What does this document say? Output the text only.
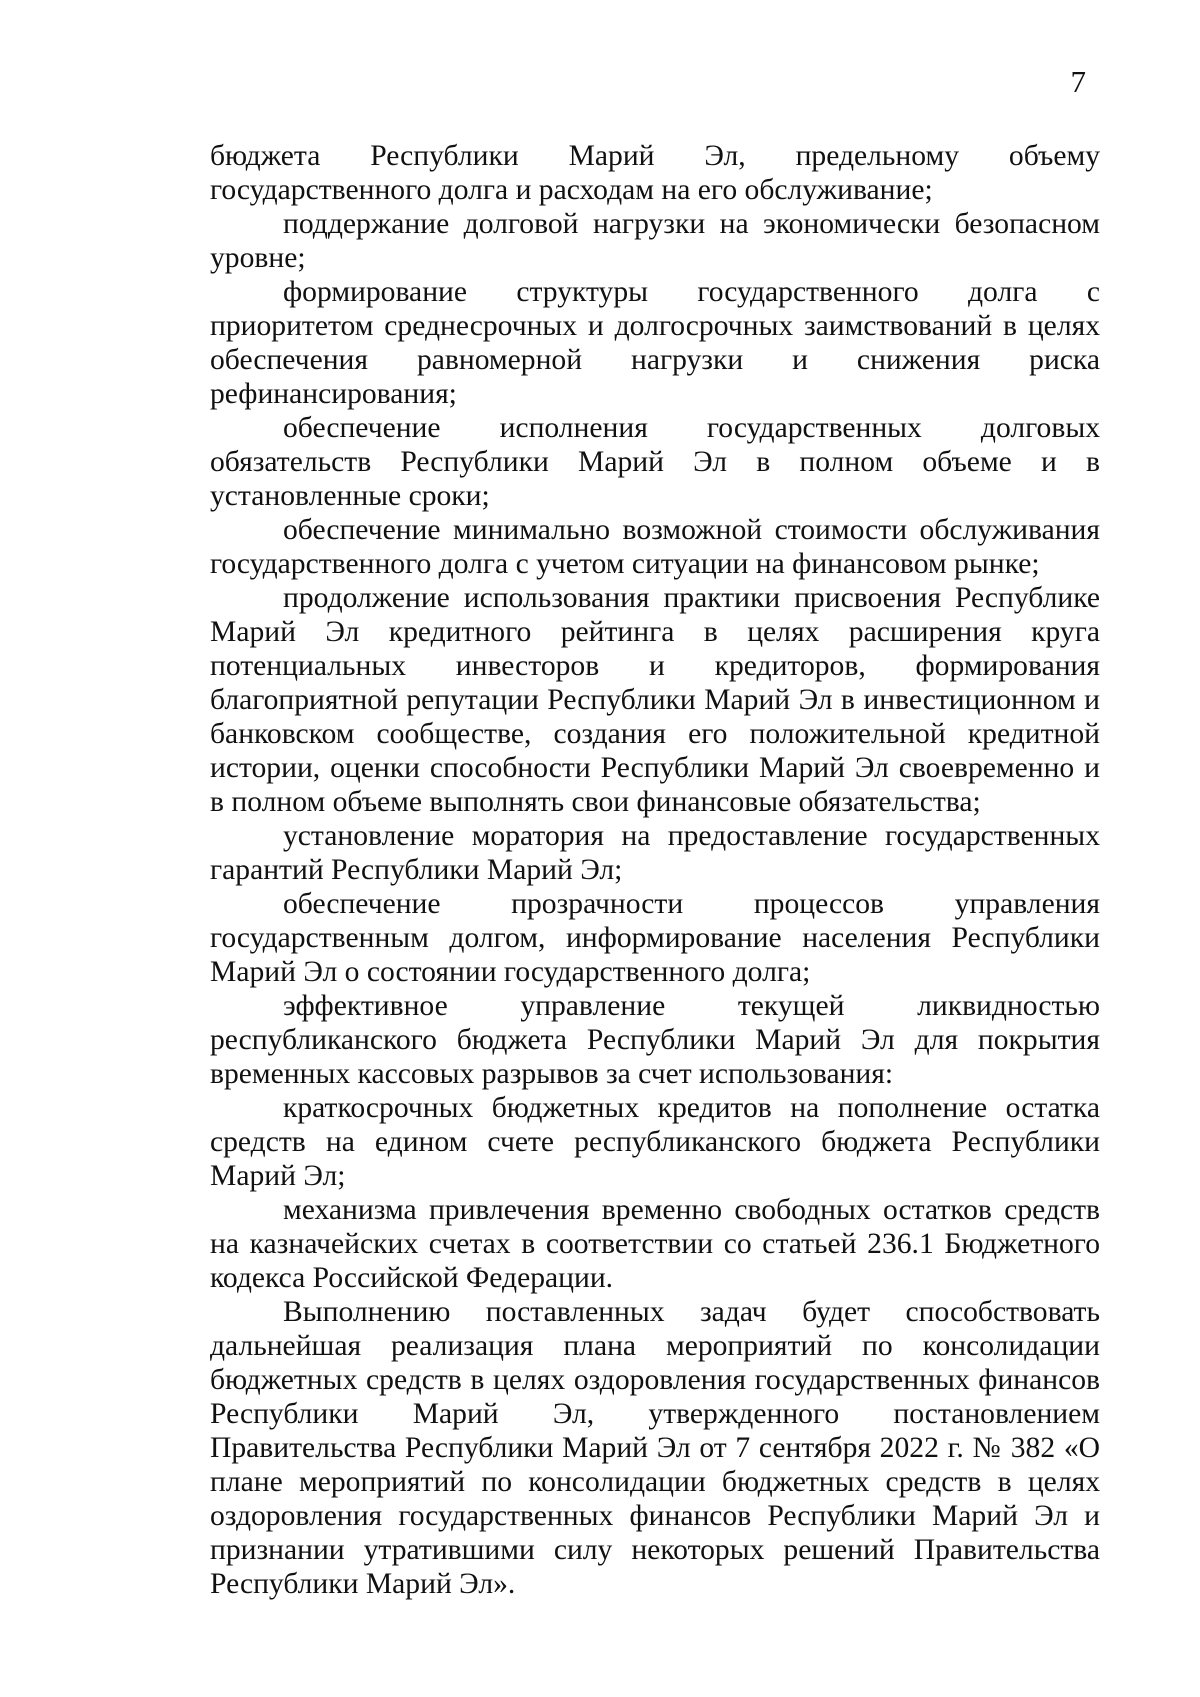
7

бюджета Республики Марий Эл, предельному объему государственного долга и расходам на его обслуживание;

поддержание долговой нагрузки на экономически безопасном уровне;

формирование структуры государственного долга с приоритетом среднесрочных и долгосрочных заимствований в целях обеспечения равномерной нагрузки и снижения риска рефинансирования;

обеспечение исполнения государственных долговых обязательств Республики Марий Эл в полном объеме и в установленные сроки;

обеспечение минимально возможной стоимости обслуживания государственного долга с учетом ситуации на финансовом рынке;

продолжение использования практики присвоения Республике Марий Эл кредитного рейтинга в целях расширения круга потенциальных инвесторов и кредиторов, формирования благоприятной репутации Республики Марий Эл в инвестиционном и банковском сообществе, создания его положительной кредитной истории, оценки способности Республики Марий Эл своевременно и в полном объеме выполнять свои финансовые обязательства;

установление моратория на предоставление государственных гарантий Республики Марий Эл;

обеспечение прозрачности процессов управления государственным долгом, информирование населения Республики Марий Эл о состоянии государственного долга;

эффективное управление текущей ликвидностью республиканского бюджета Республики Марий Эл для покрытия временных кассовых разрывов за счет использования:

краткосрочных бюджетных кредитов на пополнение остатка средств на едином счете республиканского бюджета Республики Марий Эл;

механизма привлечения временно свободных остатков средств на казначейских счетах в соответствии со статьей 236.1 Бюджетного кодекса Российской Федерации.

Выполнению поставленных задач будет способствовать дальнейшая реализация плана мероприятий по консолидации бюджетных средств в целях оздоровления государственных финансов Республики Марий Эл, утвержденного постановлением Правительства Республики Марий Эл от 7 сентября 2022 г. № 382 «О плане мероприятий по консолидации бюджетных средств в целях оздоровления государственных финансов Республики Марий Эл и признании утратившими силу некоторых решений Правительства Республики Марий Эл».
